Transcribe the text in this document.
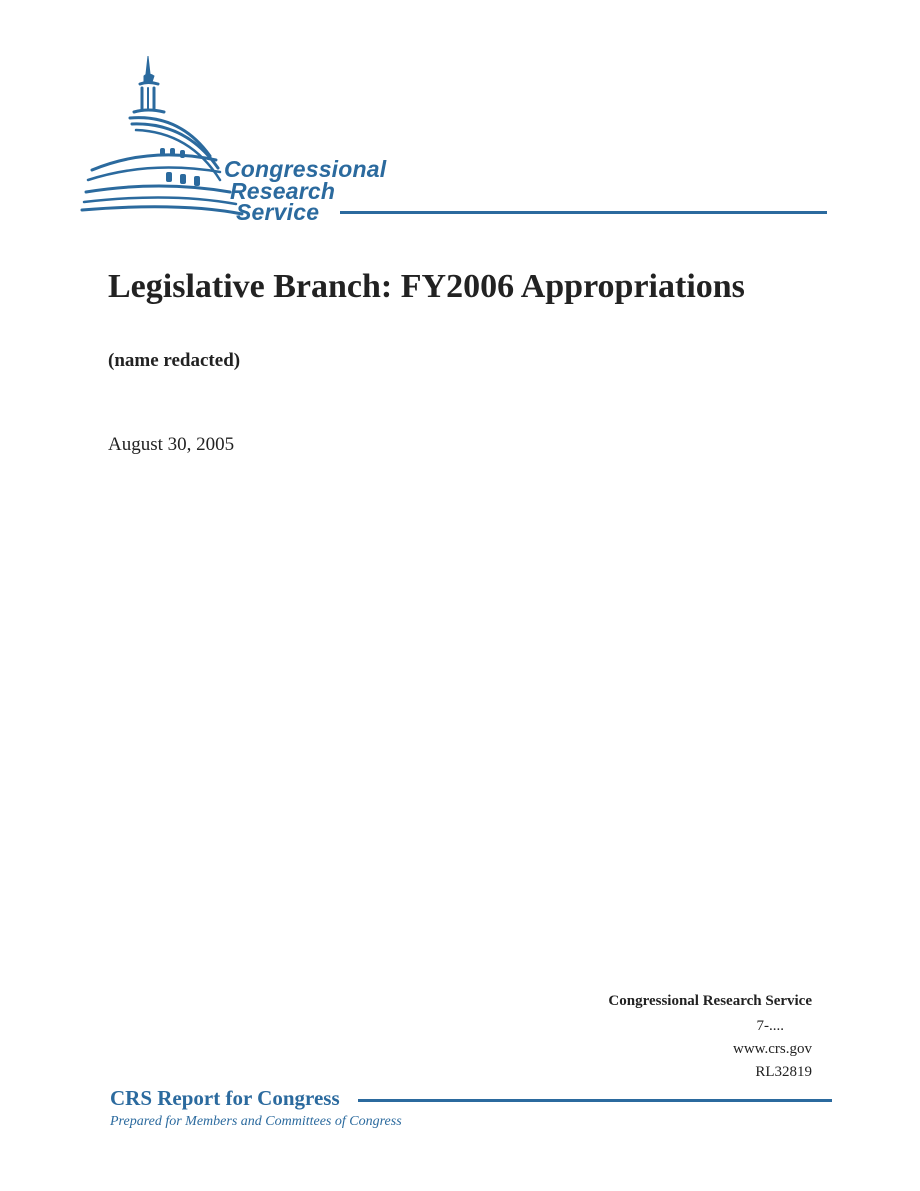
Congressional
Research
Service
Legislative Branch: FY2006 Appropriations
(name redacted)
August 30, 2005
Congressional Research Service
7-....
www.crs.gov
RL32819
CRS Report for Congress
Prepared for Members and Committees of Congress
